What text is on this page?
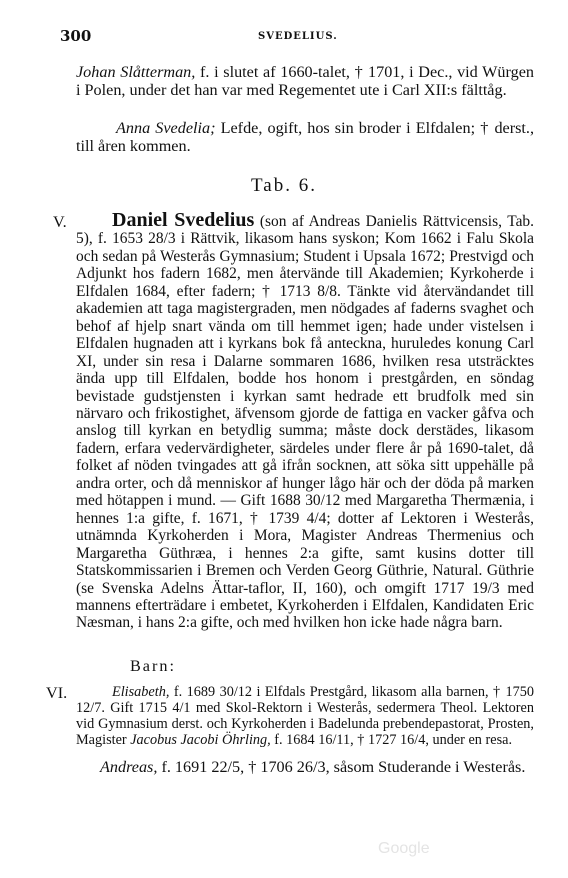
300	SVEDELIUS.
Johan Slåtterman, f. i slutet af 1660-talet, † 1701, i Dec., vid Würgen i Polen, under det han var med Regementet ute i Carl XII:s fälttåg.
Anna Svedelia; Lefde, ogift, hos sin broder i Elfdalen; † derst., till åren kommen.
Tab. 6.
V.	Daniel Svedelius (son af Andreas Danielis Rättvicensis, Tab. 5), f. 1653 28/3 i Rättvik, likasom hans syskon; Kom 1662 i Falu Skola och sedan på Westerås Gymnasium; Student i Upsala 1672; Prestvigd och Adjunkt hos fadern 1682, men återvände till Akademien; Kyrkoherde i Elfdalen 1684, efter fadern; † 1713 8/8. Tänkte vid återvändandet till akademien att taga magistergraden, men nödgades af faderns svaghet och behof af hjelp snart vända om till hemmet igen; hade under vistelsen i Elfdalen hugnaden att i kyrkans bok få anteckna, huruledes konung Carl XI, under sin resa i Dalarne sommaren 1686, hvilken resa utsträcktes ända upp till Elfdalen, bodde hos honom i prestgården, en söndag bevistade gudstjensten i kyrkan samt hedrade ett brudfolk med sin närvaro och frikostighet, äfvensom gjorde de fattiga en vacker gåfva och anslog till kyrkan en betydlig summa; måste dock derstädes, likasom fadern, erfara vedervärdigheter, särdeles under flere år på 1690-talet, då folket af nöden tvingades att gå ifrån socknen, att söka sitt uppehälle på andra orter, och då menniskor af hunger lågo här och der döda på marken med hötappen i mund. — Gift 1688 30/12 med Margaretha Thermænia, i hennes 1:a gifte, f. 1671, † 1739 4/4; dotter af Lektoren i Westerås, utnämnda Kyrkoherden i Mora, Magister Andreas Thermenius och Margaretha Güthræa, i hennes 2:a gifte, samt kusins dotter till Statskommissarien i Bremen och Verden Georg Güthrie, Natural. Güthrie (se Svenska Adelns Ättar-taflor, II, 160), och omgift 1717 19/3 med mannens efterträdare i embetet, Kyrkoherden i Elfdalen, Kandidaten Eric Næsman, i hans 2:a gifte, och med hvilken hon icke hade några barn.
Barn:
VI.	Elisabeth, f. 1689 30/12 i Elfdals Prestgård, likasom alla barnen, † 1750 12/7. Gift 1715 4/1 med Skol-Rektorn i Westerås, sedermera Theol. Lektoren vid Gymnasium derst. och Kyrkoherden i Badelunda prebendepastorat, Prosten, Magister Jacobus Jacobi Öhrling, f. 1684 16/11, † 1727 16/4, under en resa.
Andreas, f. 1691 22/5, † 1706 26/3, såsom Studerande i Westerås.
Google
